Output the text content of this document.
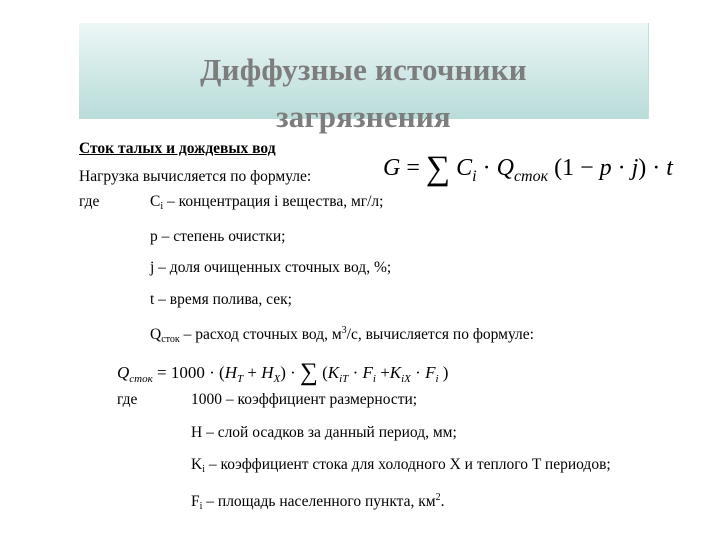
Диффузные источники
загрязнения
Сток талых и дождевых вод
Нагрузка вычисляется по формуле:	G = ∑ $C_i \cdot Q_{сток}$ (1 − p · j) · t
где	$C_i$ – концентрация i вещества, мг/л;
p – степень очистки;
j – доля очищенных сточных вод, %;
t – время полива, сек;
$Q_{сток}$ – расход сточных вод, $м^3/с$, вычисляется по формуле:
$Q_{сток} = 1000 \cdot (H_T + H_X)$ · ∑ ($K_{iT} \cdot F_i +K_{iX} \cdot F_i$ )
где	1000 – коэффициент размерности;
H – слой осадков за данный период, мм;
$K_i$ – коэффициент стока для холодного X и теплого T периодов;
$F_i$ – площадь населенного пункта, $км^2$.
